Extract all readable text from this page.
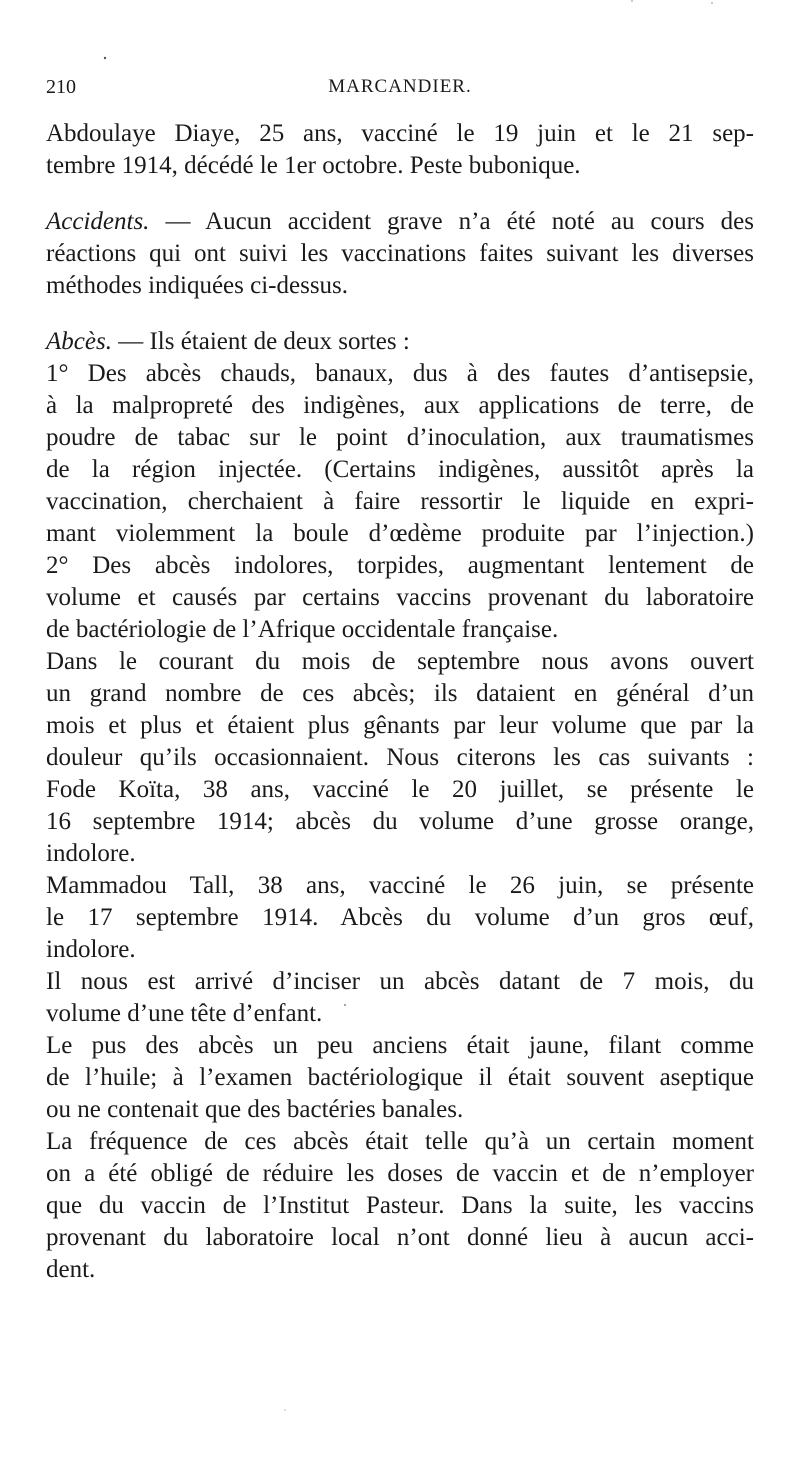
210	MARCANDIER.
Abdoulaye Diaye, 25 ans, vacciné le 19 juin et le 21 sep-
tembre 1914, décédé le 1er octobre. Peste bubonique.
Accidents. — Aucun accident grave n’a été noté au cours des
réactions qui ont suivi les vaccinations faites suivant les diverses
méthodes indiquées ci-dessus.
Abcès. — Ils étaient de deux sortes :
1° Des abcès chauds, banaux, dus à des fautes d’antisepsie,
à la malpropreté des indigènes, aux applications de terre, de
poudre de tabac sur le point d’inoculation, aux traumatismes
de la région injectée. (Certains indigènes, aussitôt après la
vaccination, cherchaient à faire ressortir le liquide en expri-
mant violemment la boule d’œdème produite par l’injection.)
2° Des abcès indolores, torpides, augmentant lentement de
volume et causés par certains vaccins provenant du laboratoire
de bactériologie de l’Afrique occidentale française.
Dans le courant du mois de septembre nous avons ouvert
un grand nombre de ces abcès; ils dataient en général d’un
mois et plus et étaient plus gênants par leur volume que par la
douleur qu’ils occasionnaient. Nous citerons les cas suivants :
Fode Koïta, 38 ans, vacciné le 20 juillet, se présente le
16 septembre 1914; abcès du volume d’une grosse orange,
indolore.
Mammadou Tall, 38 ans, vacciné le 26 juin, se présente
le 17 septembre 1914. Abcès du volume d’un gros œuf,
indolore.
Il nous est arrivé d’inciser un abcès datant de 7 mois, du
volume d’une tête d’enfant.
Le pus des abcès un peu anciens était jaune, filant comme
de l’huile; à l’examen bactériologique il était souvent aseptique
ou ne contenait que des bactéries banales.
La fréquence de ces abcès était telle qu’à un certain moment
on a été obligé de réduire les doses de vaccin et de n’employer
que du vaccin de l’Institut Pasteur. Dans la suite, les vaccins
provenant du laboratoire local n’ont donné lieu à aucun acci-
dent.
